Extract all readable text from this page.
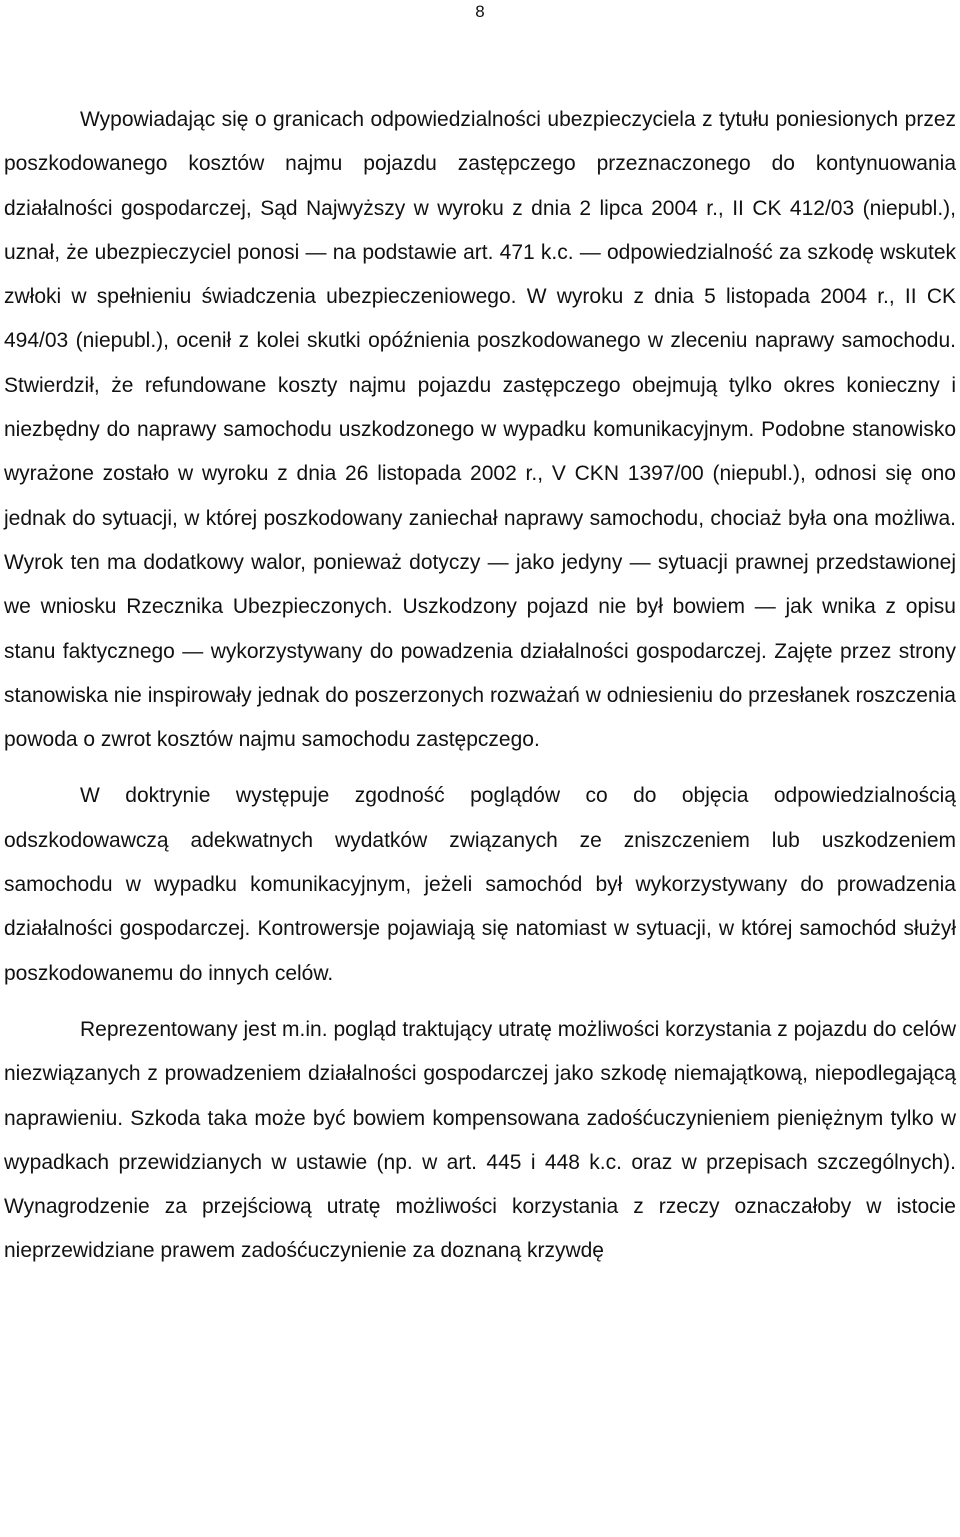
8

Wypowiadając się o granicach odpowiedzialności ubezpieczyciela z tytułu poniesionych przez poszkodowanego kosztów najmu pojazdu zastępczego przeznaczonego do kontynuowania działalności gospodarczej, Sąd Najwyższy w wyroku z dnia 2 lipca 2004 r., II CK 412/03 (niepubl.), uznał, że ubezpieczyciel ponosi — na podstawie art. 471 k.c. — odpowiedzialność za szkodę wskutek zwłoki w spełnieniu świadczenia ubezpieczeniowego. W wyroku z dnia 5 listopada 2004 r., II CK 494/03 (niepubl.), ocenił z kolei skutki opóźnienia poszkodowanego w zleceniu naprawy samochodu. Stwierdził, że refundowane koszty najmu pojazdu zastępczego obejmują tylko okres konieczny i niezbędny do naprawy samochodu uszkodzonego w wypadku komunikacyjnym. Podobne stanowisko wyrażone zostało w wyroku z dnia 26 listopada 2002 r., V CKN 1397/00 (niepubl.), odnosi się ono jednak do sytuacji, w której poszkodowany zaniechał naprawy samochodu, chociaż była ona możliwa. Wyrok ten ma dodatkowy walor, ponieważ dotyczy — jako jedyny — sytuacji prawnej przedstawionej we wniosku Rzecznika Ubezpieczonych. Uszkodzony pojazd nie był bowiem — jak wnika z opisu stanu faktycznego — wykorzystywany do powadzenia działalności gospodarczej. Zajęte przez strony stanowiska nie inspirowały jednak do poszerzonych rozważań w odniesieniu do przesłanek roszczenia powoda o zwrot kosztów najmu samochodu zastępczego.

W doktrynie występuje zgodność poglądów co do objęcia odpowiedzialnością odszkodowawczą adekwatnych wydatków związanych ze zniszczeniem lub uszkodzeniem samochodu w wypadku komunikacyjnym, jeżeli samochód był wykorzystywany do prowadzenia działalności gospodarczej. Kontrowersje pojawiają się natomiast w sytuacji, w której samochód służył poszkodowanemu do innych celów.

Reprezentowany jest m.in. pogląd traktujący utratę możliwości korzystania z pojazdu do celów niezwiązanych z prowadzeniem działalności gospodarczej jako szkodę niemajątkową, niepodlegającą naprawieniu. Szkoda taka może być bowiem kompensowana zadośćuczynieniem pieniężnym tylko w wypadkach przewidzianych w ustawie (np. w art. 445 i 448 k.c. oraz w przepisach szczególnych). Wynagrodzenie za przejściową utratę możliwości korzystania z rzeczy oznaczałoby w istocie nieprzewidziane prawem zadośćuczynienie za doznaną krzywdę
